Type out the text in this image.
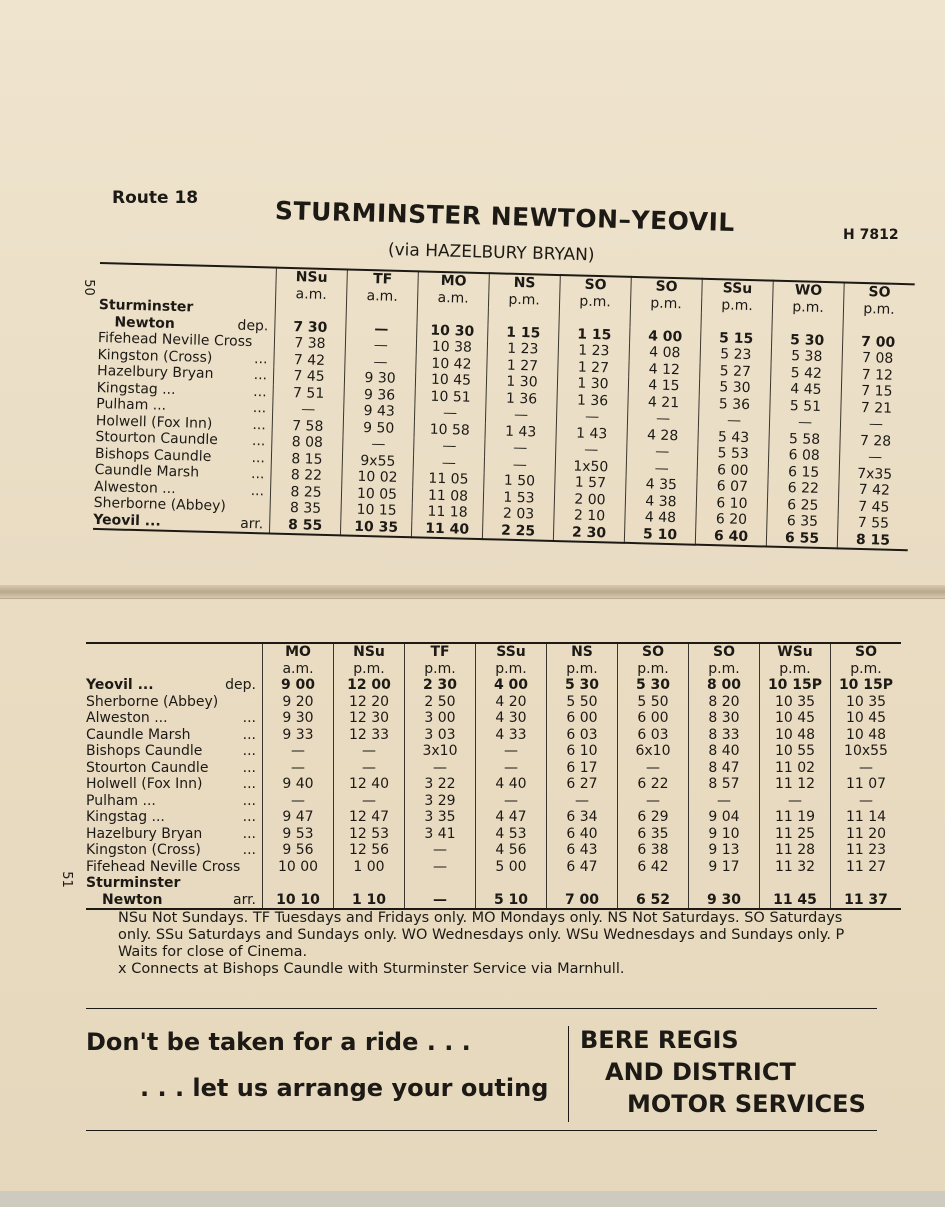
Route 18	STURMINSTER NEWTON–YEOVIL
(via HAZELBURY BRYAN)
H 7812
50
51
	NSu	TF	MO	NS	SO	SO	SSu	WO	SO
	a.m.	a.m.	a.m.	p.m.	p.m.	p.m.	p.m.	p.m.	p.m.
Sturminster

Newton dep.	7 30	—	10 30	1 15	1 15	4 00	5 15	5 30	7 00
Fifehead Neville Cross	7 38	—	10 38	1 23	1 23	4 08	5 23	5 38	7 08
Kingston (Cross) ...	7 42	—	10 42	1 27	1 27	4 12	5 27	5 42	7 12
Hazelbury Bryan ...	7 45	9 30	10 45	1 30	1 30	4 15	5 30	4 45	7 15
Kingstag ... ...	7 51	9 36	10 51	1 36	1 36	4 21	5 36	5 51	7 21
Pulham ... ...	—	9 43	—	—	—	—	—	—	—
Holwell (Fox Inn) ...	7 58	9 50	10 58	1 43	1 43	4 28	5 43	5 58	7 28
Stourton Caundle ...	8 08	—	—	—	—	—	5 53	6 08	—
Bishops Caundle ...	8 15	9x55	—	—	1x50	—	6 00	6 15	7x35
Caundle Marsh ...	8 22	10 02	11 05	1 50	1 57	4 35	6 07	6 22	7 42
Alweston ... ...	8 25	10 05	11 08	1 53	2 00	4 38	6 10	6 25	7 45
Sherborne (Abbey)	8 35	10 15	11 18	2 03	2 10	4 48	6 20	6 35	7 55
Yeovil ... arr.	8 55	10 35	11 40	2 25	2 30	5 10	6 40	6 55	8 15
	MO	NSu	TF	SSu	NS	SO	SO	WSu	SO
	a.m.	p.m.	p.m.	p.m.	p.m.	p.m.	p.m.	p.m.	p.m.
Yeovil ... dep.	9 00	12 00	2 30	4 00	5 30	5 30	8 00	10 15P	10 15P
Sherborne (Abbey)	9 20	12 20	2 50	4 20	5 50	5 50	8 20	10 35	10 35
Alweston ... ...	9 30	12 30	3 00	4 30	6 00	6 00	8 30	10 45	10 45
Caundle Marsh ...	9 33	12 33	3 03	4 33	6 03	6 03	8 33	10 48	10 48
Bishops Caundle ...	—	—	3x10	—	6 10	6x10	8 40	10 55	10x55
Stourton Caundle ...	—	—	—	—	6 17	—	8 47	11 02	—
Holwell (Fox Inn) ...	9 40	12 40	3 22	4 40	6 27	6 22	8 57	11 12	11 07
Pulham ... ...	—	—	3 29	—	—	—	—	—	—
Kingstag ... ...	9 47	12 47	3 35	4 47	6 34	6 29	9 04	11 19	11 14
Hazelbury Bryan ...	9 53	12 53	3 41	4 53	6 40	6 35	9 10	11 25	11 20
Kingston (Cross) ...	9 56	12 56	—	4 56	6 43	6 38	9 13	11 28	11 23
Fifehead Neville Cross	10 00	1 00	—	5 00	6 47	6 42	9 17	11 32	11 27
Sturminster

Newton arr.	10 10	1 10	—	5 10	7 00	6 52	9 30	11 45	11 37
NSu Not Sundays. TF Tuesdays and Fridays only. MO Mondays only. NS Not Saturdays. SO Saturdays only. SSu Saturdays and Sundays only. WO Wednesdays only. WSu Wednesdays and Sundays only. P Waits for close of Cinema.
x Connects at Bishops Caundle with Sturminster Service via Marnhull.
Don't be taken for a ride . . .
. . . let us arrange your outing
BERE REGIS
AND DISTRICT
MOTOR SERVICES
